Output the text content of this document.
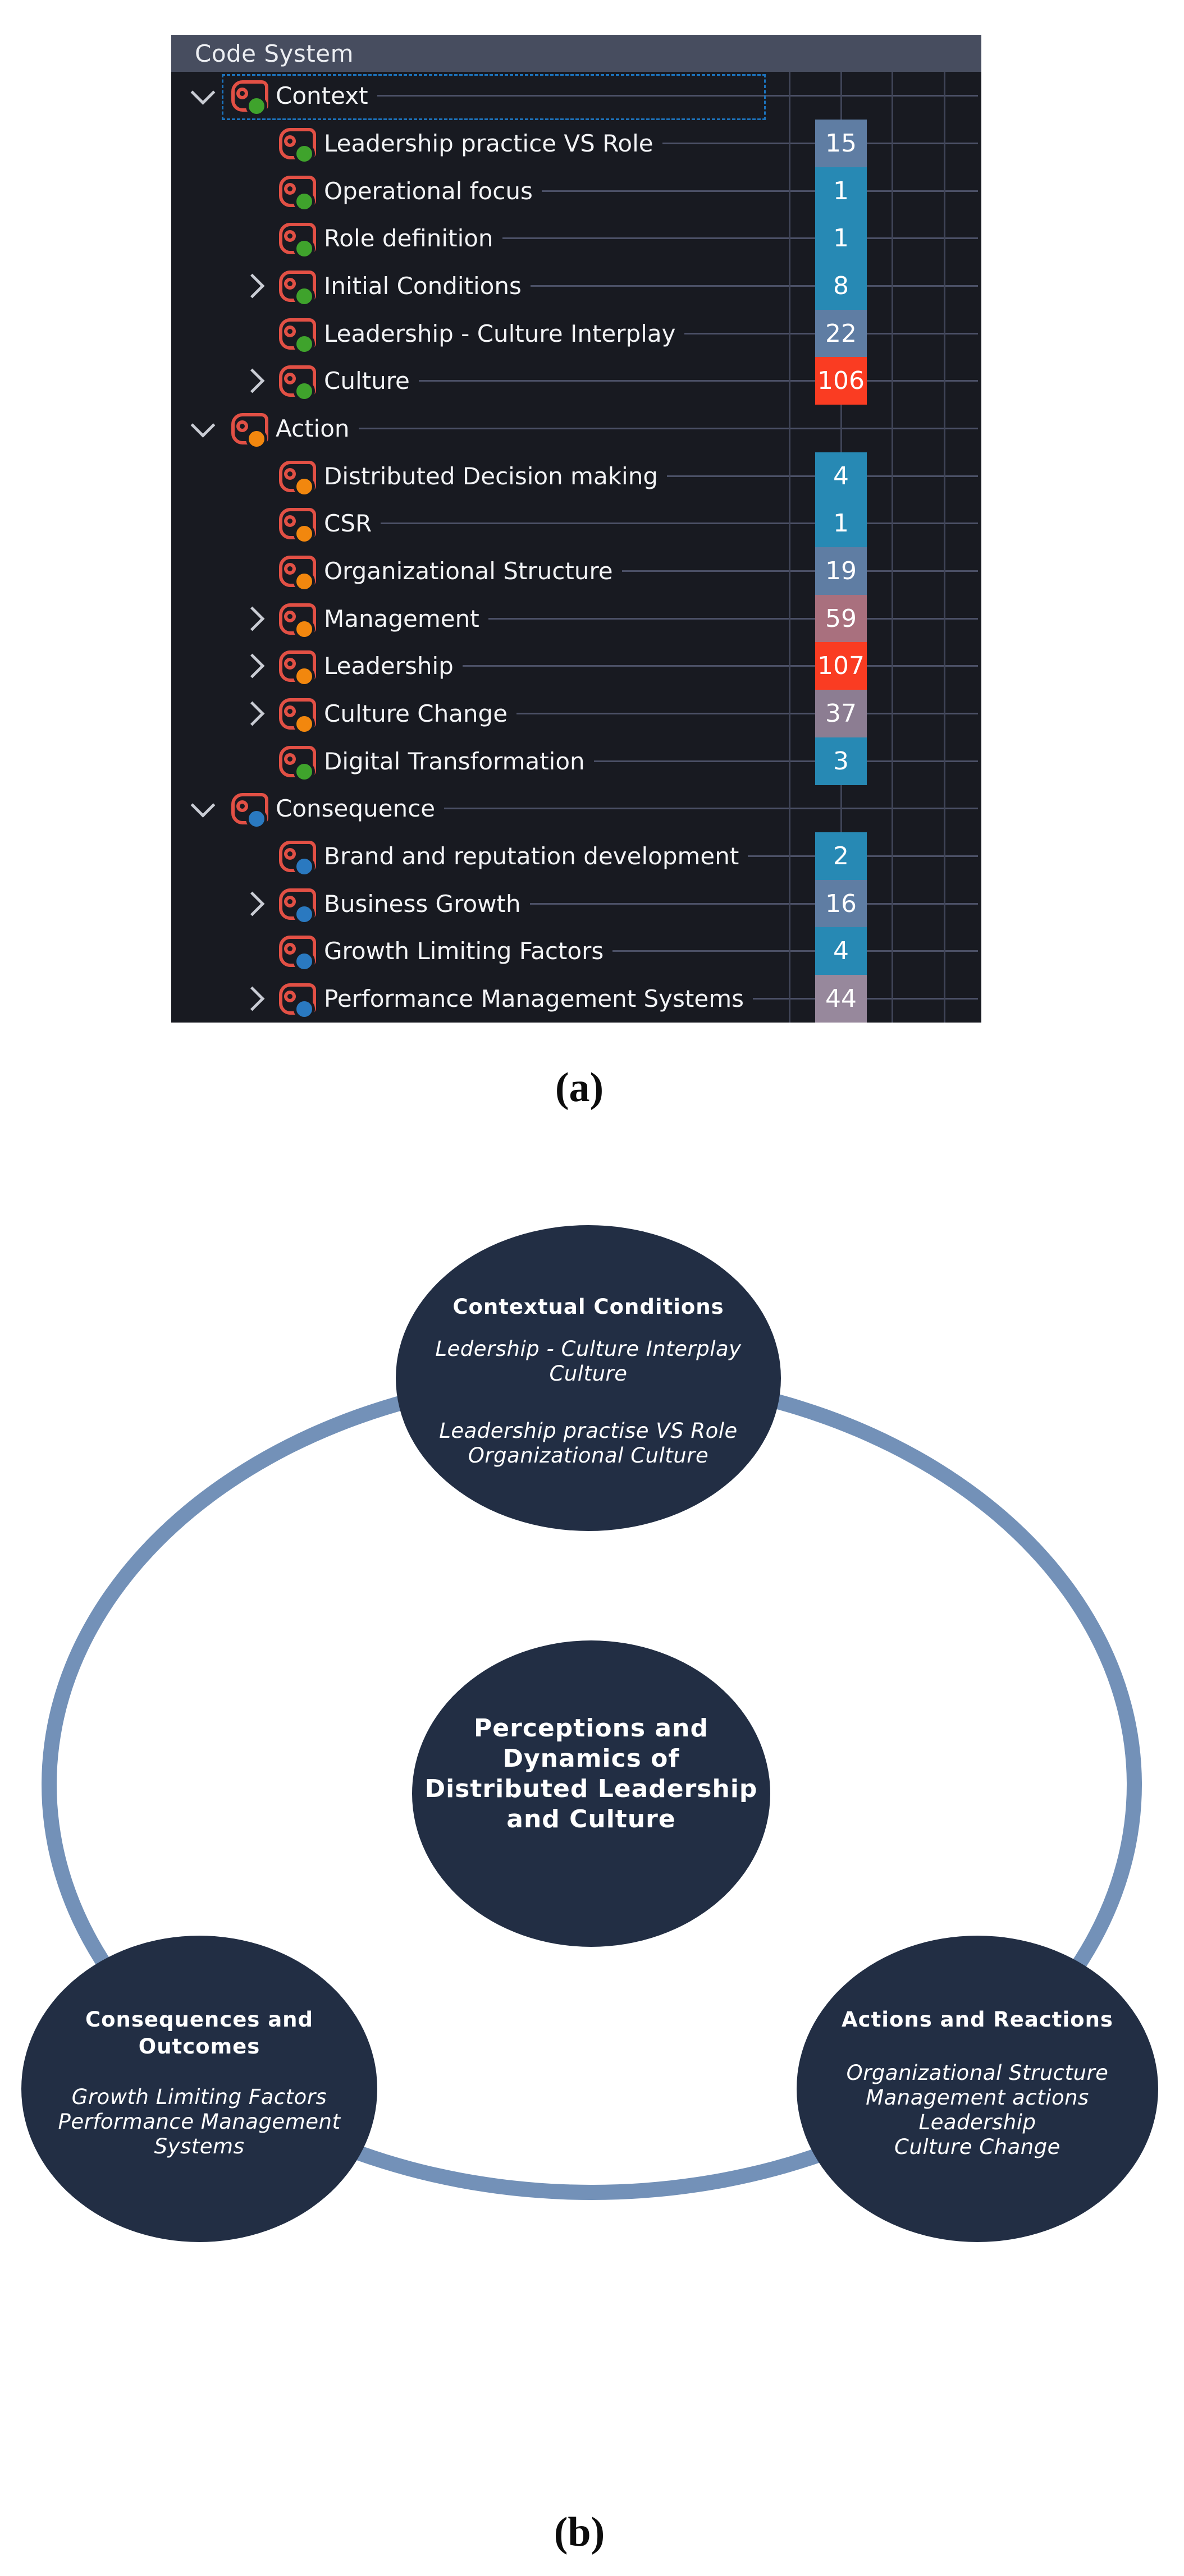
Code System
Context
Leadership practice VS Role
Operational focus
Role definition
Initial Conditions
Leadership - Culture Interplay
Culture
Action
Distributed Decision making
CSR
Organizational Structure
Management
Leadership
Culture Change
Digital Transformation
Consequence
Brand and reputation development
Business Growth
Growth Limiting Factors
Performance Management Systems
15
1
1
8
22
106
4
1
19
59
107
37
3
2
16
4
44
(a)
Contextual Conditions
Ledership - Culture Interplay
Culture
Leadership practise VS Role
Organizational Culture
Perceptions and
Dynamics of
Distributed Leadership
and Culture
Consequences and
Outcomes
Growth Limiting Factors
Performance Management
Systems
Actions and Reactions
Organizational Structure
Management actions
Leadership
Culture Change
(b)
